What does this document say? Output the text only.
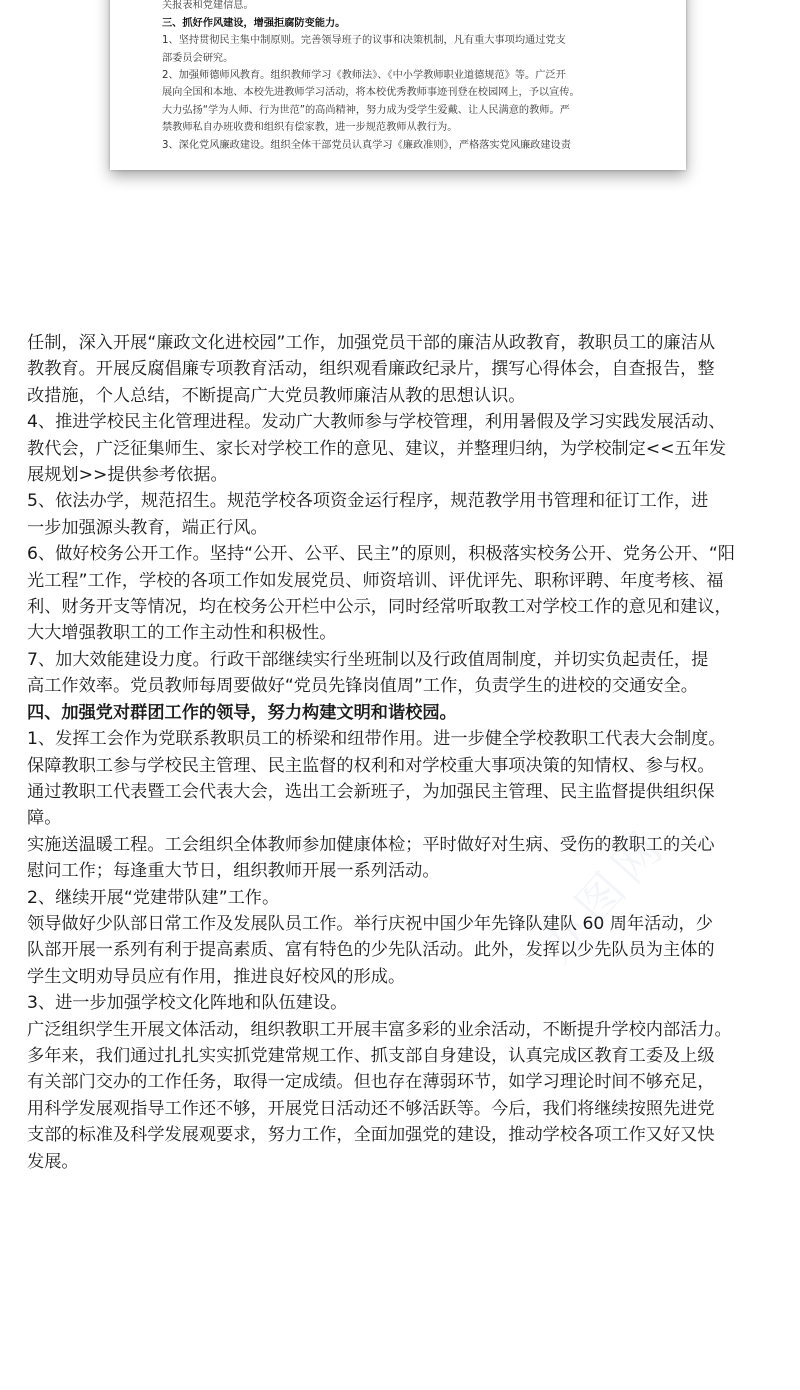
关报表和党建信息。
三、抓好作风建设，增强拒腐防变能力。
1、坚持贯彻民主集中制原则。完善领导班子的议事和决策机制，凡有重大事项均通过党支
部委员会研究。
2、加强师德师风教育。组织教师学习《教师法》、《中小学教师职业道德规范》等。广泛开
展向全国和本地、本校先进教师学习活动，将本校优秀教师事迹刊登在校园网上，予以宣传。
大力弘扬“学为人师、行为世范”的高尚精神，努力成为受学生爱戴、让人民满意的教师。严
禁教师私自办班收费和组织有偿家教，进一步规范教师从教行为。
3、深化党风廉政建设。组织全体干部党员认真学习《廉政准则》，严格落实党风廉政建设责
任制，深入开展“廉政文化进校园”工作，加强党员干部的廉洁从政教育，教职员工的廉洁从
教教育。开展反腐倡廉专项教育活动，组织观看廉政纪录片，撰写心得体会，自查报告，整
改措施，个人总结，不断提高广大党员教师廉洁从教的思想认识。
4、推进学校民主化管理进程。发动广大教师参与学校管理，利用暑假及学习实践发展活动、
教代会，广泛征集师生、家长对学校工作的意见、建议，并整理归纳，为学校制定<<五年发
展规划>>提供参考依据。
5、依法办学，规范招生。规范学校各项资金运行程序，规范教学用书管理和征订工作，进
一步加强源头教育，端正行风。
6、做好校务公开工作。坚持“公开、公平、民主”的原则，积极落实校务公开、党务公开、“阳
光工程”工作，学校的各项工作如发展党员、师资培训、评优评先、职称评聘、年度考核、福
利、财务开支等情况，均在校务公开栏中公示，同时经常听取教工对学校工作的意见和建议，
大大增强教职工的工作主动性和积极性。
7、加大效能建设力度。行政干部继续实行坐班制以及行政值周制度，并切实负起责任，提
高工作效率。党员教师每周要做好“党员先锋岗值周”工作，负责学生的进校的交通安全。
四、加强党对群团工作的领导，努力构建文明和谐校园。
1、发挥工会作为党联系教职员工的桥梁和纽带作用。进一步健全学校教职工代表大会制度。
保障教职工参与学校民主管理、民主监督的权利和对学校重大事项决策的知情权、参与权。
通过教职工代表暨工会代表大会，选出工会新班子，为加强民主管理、民主监督提供组织保
障。
实施送温暖工程。工会组织全体教师参加健康体检；平时做好对生病、受伤的教职工的关心
慰问工作；每逢重大节日，组织教师开展一系列活动。
2、继续开展“党建带队建”工作。
领导做好少队部日常工作及发展队员工作。举行庆祝中国少年先锋队建队 60 周年活动，少
队部开展一系列有利于提高素质、富有特色的少先队活动。此外，发挥以少先队员为主体的
学生文明劝导员应有作用，推进良好校风的形成。
3、进一步加强学校文化阵地和队伍建设。
广泛组织学生开展文体活动，组织教职工开展丰富多彩的业余活动，不断提升学校内部活力。
多年来，我们通过扎扎实实抓党建常规工作、抓支部自身建设，认真完成区教育工委及上级
有关部门交办的工作任务，取得一定成绩。但也存在薄弱环节，如学习理论时间不够充足，
用科学发展观指导工作还不够，开展党日活动还不够活跃等。今后，我们将继续按照先进党
支部的标准及科学发展观要求，努力工作，全面加强党的建设，推动学校各项工作又好又快
发展。
办图网
